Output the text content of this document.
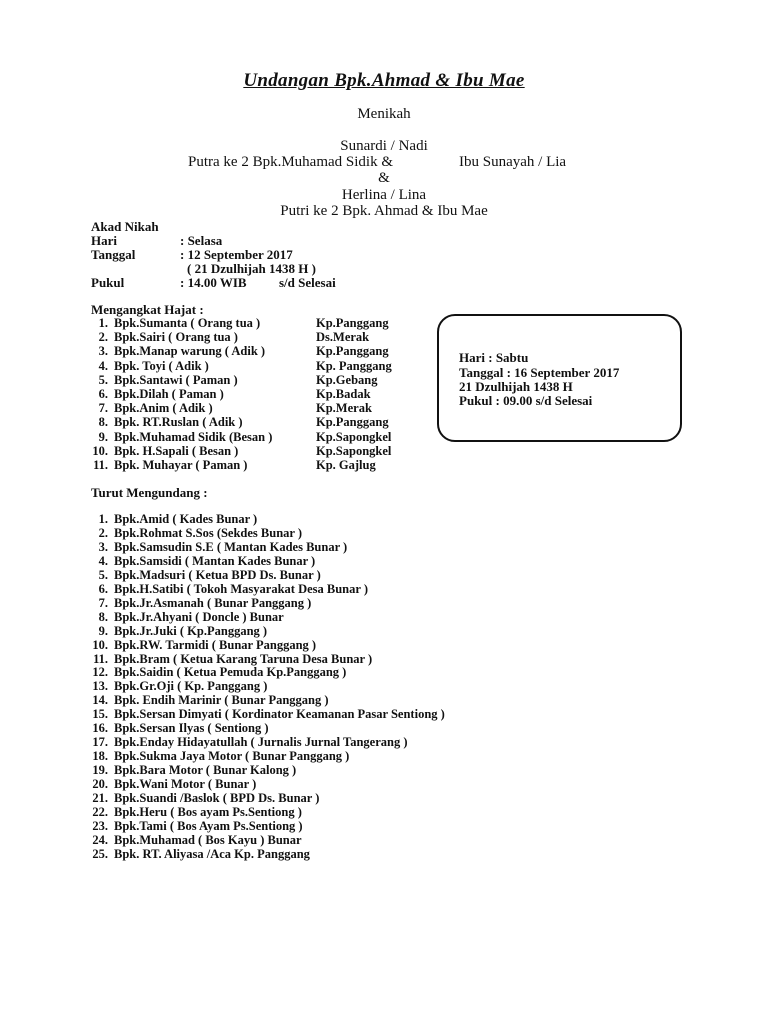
Undangan Bpk.Ahmad & Ibu Mae
Menikah
Sunardi / Nadi
Putra ke 2 Bpk.Muhamad Sidik &	Ibu Sunayah / Lia
&
Herlina / Lina
Putri ke 2 Bpk. Ahmad & Ibu Mae
Akad Nikah
Hari	: Selasa
Tanggal	: 12 September 2017
( 21 Dzulhijah 1438 H )
Pukul	: 14.00 WIB s/d Selesai
Mengangkat Hajat :
1. Bpk.Sumanta ( Orang tua )	Kp.Panggang
2. Bpk.Sairi ( Orang tua )	Ds.Merak
3. Bpk.Manap warung ( Adik )	Kp.Panggang
4. Bpk. Toyi ( Adik )	Kp. Panggang
5. Bpk.Santawi ( Paman )	Kp.Gebang
6. Bpk.Dilah ( Paman )	Kp.Badak
7. Bpk.Anim ( Adik )	Kp.Merak
8. Bpk. RT.Ruslan ( Adik )	Kp.Panggang
9. Bpk.Muhamad Sidik (Besan )	Kp.Sapongkel
10. Bpk. H.Sapali ( Besan )	Kp.Sapongkel
11. Bpk. Muhayar ( Paman )	Kp. Gajlug
Hari : Sabtu
Tanggal : 16 September 2017
21 Dzulhijah 1438 H
Pukul : 09.00 s/d Selesai
Turut Mengundang :
1. Bpk.Amid ( Kades Bunar )
2. Bpk.Rohmat S.Sos (Sekdes Bunar )
3. Bpk.Samsudin S.E ( Mantan Kades Bunar )
4. Bpk.Samsidi ( Mantan Kades Bunar )
5. Bpk.Madsuri ( Ketua BPD Ds. Bunar )
6. Bpk.H.Satibi ( Tokoh Masyarakat Desa Bunar )
7. Bpk.Jr.Asmanah ( Bunar Panggang )
8. Bpk.Jr.Ahyani ( Doncle ) Bunar
9. Bpk.Jr.Juki ( Kp.Panggang )
10. Bpk.RW. Tarmidi ( Bunar Panggang )
11. Bpk.Bram ( Ketua Karang Taruna Desa Bunar )
12. Bpk.Saidin ( Ketua Pemuda Kp.Panggang )
13. Bpk.Gr.Oji ( Kp. Panggang )
14. Bpk. Endih Marinir ( Bunar Panggang )
15. Bpk.Sersan Dimyati ( Kordinator Keamanan Pasar Sentiong )
16. Bpk.Sersan Ilyas ( Sentiong )
17. Bpk.Enday Hidayatullah ( Jurnalis Jurnal Tangerang )
18. Bpk.Sukma Jaya Motor ( Bunar Panggang )
19. Bpk.Bara Motor ( Bunar Kalong )
20. Bpk.Wani Motor ( Bunar )
21. Bpk.Suandi /Baslok ( BPD Ds. Bunar )
22. Bpk.Heru ( Bos ayam Ps.Sentiong )
23. Bpk.Tami ( Bos Ayam Ps.Sentiong )
24. Bpk.Muhamad ( Bos Kayu ) Bunar
25. Bpk. RT. Aliyasa /Aca Kp. Panggang
